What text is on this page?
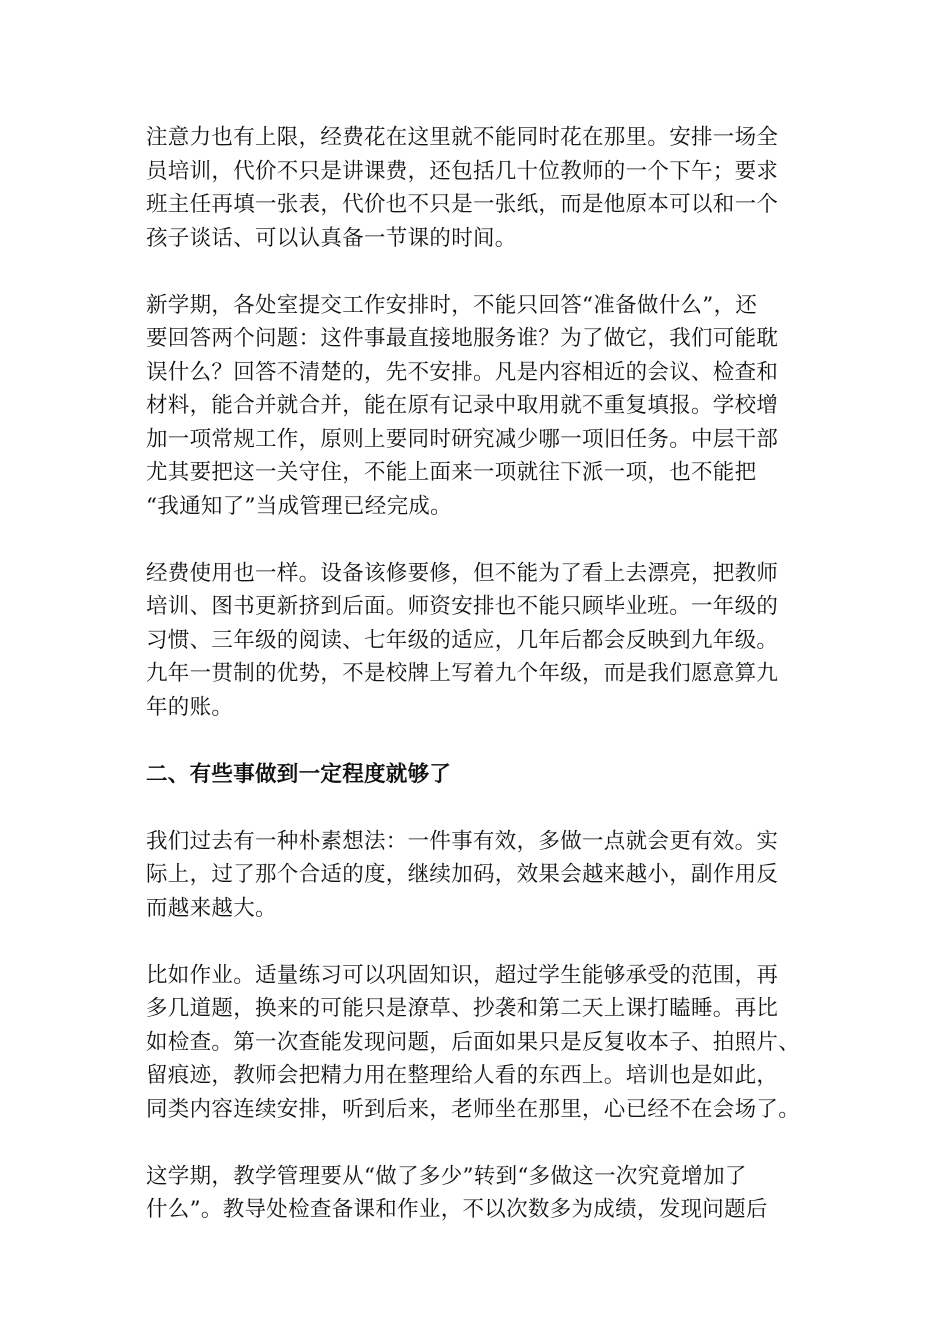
注意力也有上限，经费花在这里就不能同时花在那里。安排一场全
员培训，代价不只是讲课费，还包括几十位教师的一个下午；要求
班主任再填一张表，代价也不只是一张纸，而是他原本可以和一个
孩子谈话、可以认真备一节课的时间。
新学期，各处室提交工作安排时，不能只回答“准备做什么”，还
要回答两个问题：这件事最直接地服务谁？为了做它，我们可能耽
误什么？回答不清楚的，先不安排。凡是内容相近的会议、检查和
材料，能合并就合并，能在原有记录中取用就不重复填报。学校增
加一项常规工作，原则上要同时研究减少哪一项旧任务。中层干部
尤其要把这一关守住，不能上面来一项就往下派一项，也不能把
“我通知了”当成管理已经完成。
经费使用也一样。设备该修要修，但不能为了看上去漂亮，把教师
培训、图书更新挤到后面。师资安排也不能只顾毕业班。一年级的
习惯、三年级的阅读、七年级的适应，几年后都会反映到九年级。
九年一贯制的优势，不是校牌上写着九个年级，而是我们愿意算九
年的账。
二、有些事做到一定程度就够了
我们过去有一种朴素想法：一件事有效，多做一点就会更有效。实
际上，过了那个合适的度，继续加码，效果会越来越小，副作用反
而越来越大。
比如作业。适量练习可以巩固知识，超过学生能够承受的范围，再
多几道题，换来的可能只是潦草、抄袭和第二天上课打瞌睡。再比
如检查。第一次查能发现问题，后面如果只是反复收本子、拍照片、
留痕迹，教师会把精力用在整理给人看的东西上。培训也是如此，
同类内容连续安排，听到后来，老师坐在那里，心已经不在会场了。
这学期，教学管理要从“做了多少”转到“多做这一次究竟增加了
什么”。教导处检查备课和作业，不以次数多为成绩，发现问题后
